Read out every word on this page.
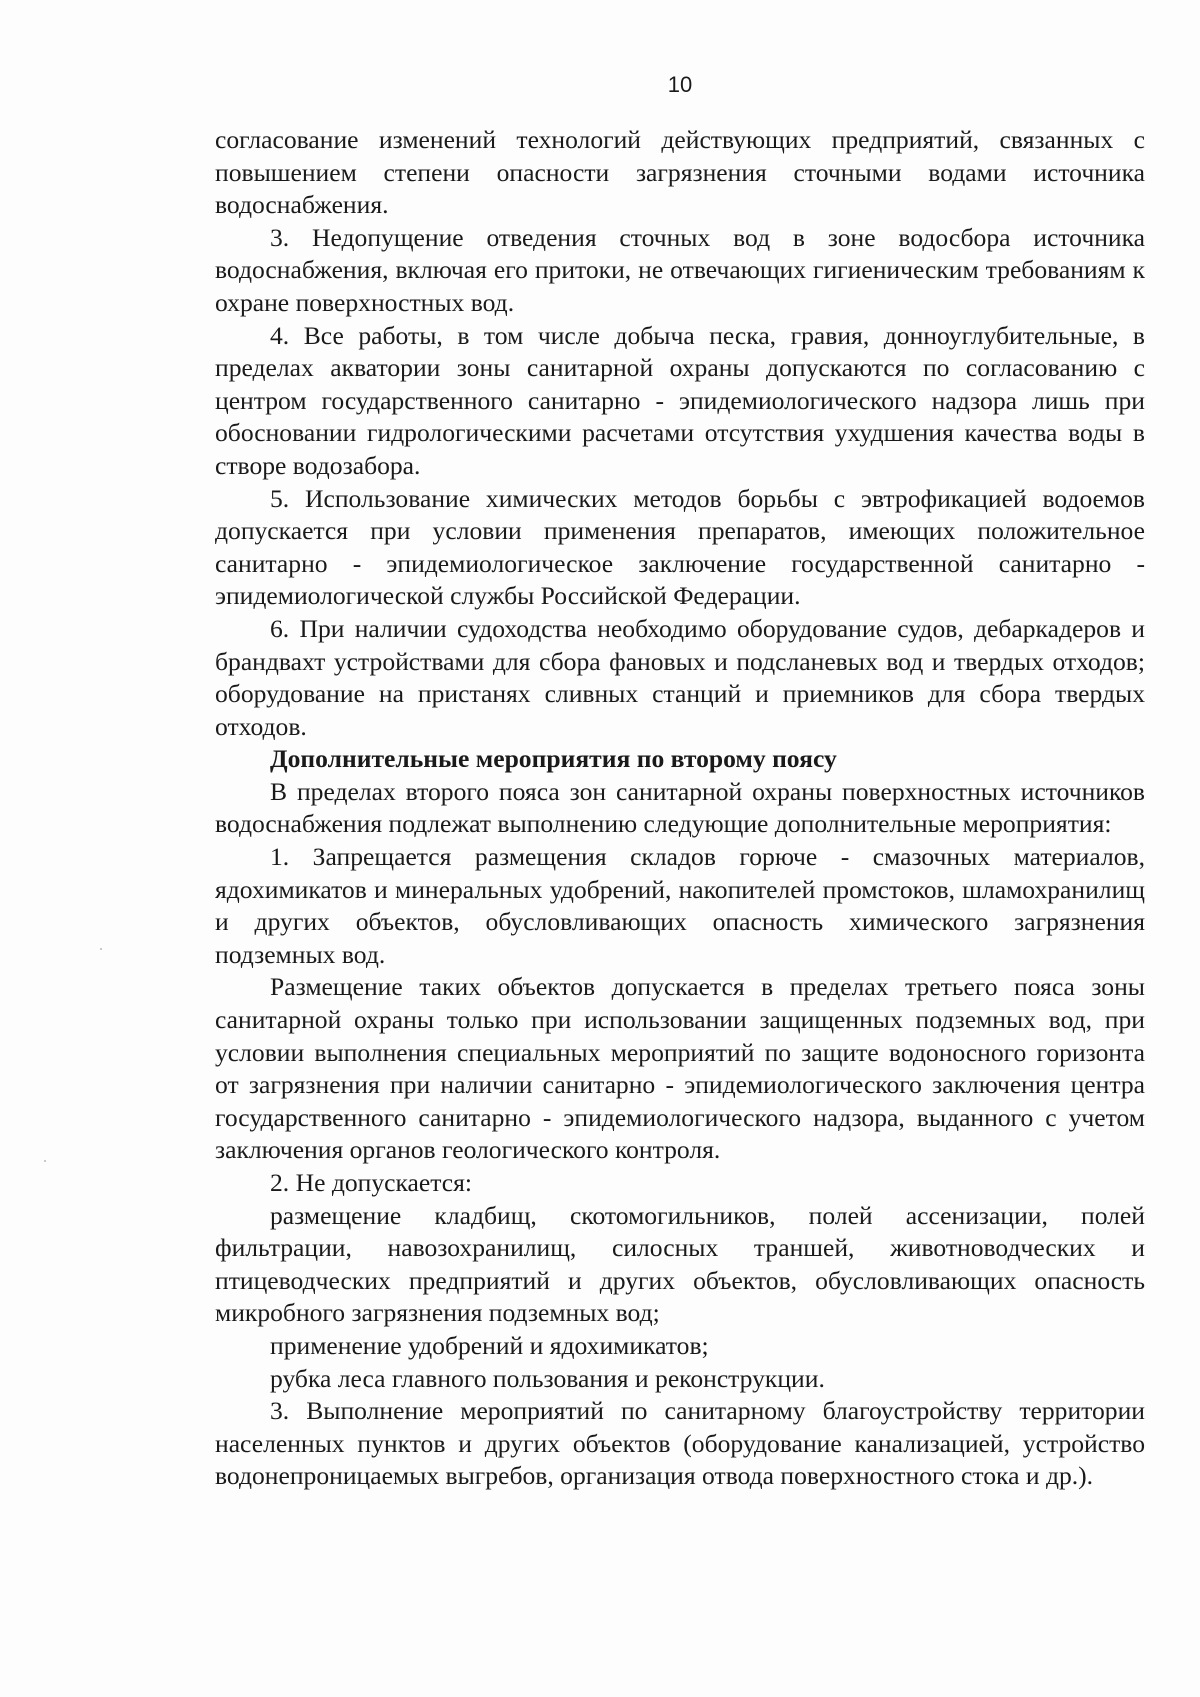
10

согласование изменений технологий действующих предприятий, связанных с повышением степени опасности загрязнения сточными водами источника водоснабжения.

3. Недопущение отведения сточных вод в зоне водосбора источника водоснабжения, включая его притоки, не отвечающих гигиеническим требованиям к охране поверхностных вод.

4. Все работы, в том числе добыча песка, гравия, донноуглубительные, в пределах акватории зоны санитарной охраны допускаются по согласованию с центром государственного санитарно - эпидемиологического надзора лишь при обосновании гидрологическими расчетами отсутствия ухудшения качества воды в створе водозабора.

5. Использование химических методов борьбы с эвтрофикацией водоемов допускается при условии применения препаратов, имеющих положительное санитарно - эпидемиологическое заключение государственной санитарно - эпидемиологической службы Российской Федерации.

6. При наличии судоходства необходимо оборудование судов, дебаркадеров и брандвахт устройствами для сбора фановых и подсланевых вод и твердых отходов; оборудование на пристанях сливных станций и приемников для сбора твердых отходов.

Дополнительные мероприятия по второму поясу

В пределах второго пояса зон санитарной охраны поверхностных источников водоснабжения подлежат выполнению следующие дополнительные мероприятия:

1. Запрещается размещения складов горюче - смазочных материалов, ядохимикатов и минеральных удобрений, накопителей промстоков, шламохранилищ и других объектов, обусловливающих опасность химического загрязнения подземных вод.

Размещение таких объектов допускается в пределах третьего пояса зоны санитарной охраны только при использовании защищенных подземных вод, при условии выполнения специальных мероприятий по защите водоносного горизонта от загрязнения при наличии санитарно - эпидемиологического заключения центра государственного санитарно - эпидемиологического надзора, выданного с учетом заключения органов геологического контроля.

2. Не допускается:

размещение кладбищ, скотомогильников, полей ассенизации, полей фильтрации, навозохранилищ, силосных траншей, животноводческих и птицеводческих предприятий и других объектов, обусловливающих опасность микробного загрязнения подземных вод;

применение удобрений и ядохимикатов;

рубка леса главного пользования и реконструкции.

3. Выполнение мероприятий по санитарному благоустройству территории населенных пунктов и других объектов (оборудование канализацией, устройство водонепроницаемых выгребов, организация отвода поверхностного стока и др.).
